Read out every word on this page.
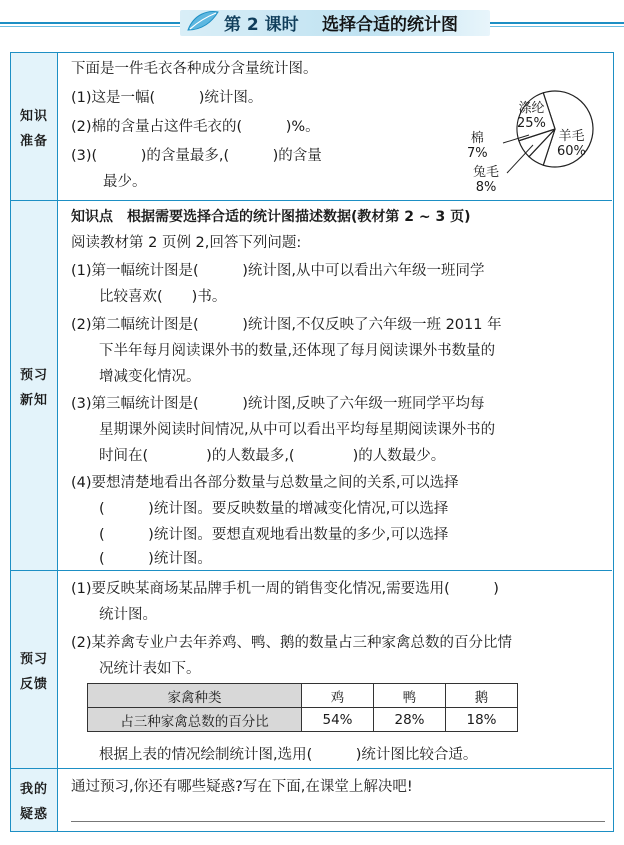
第 2 课时 选择合适的统计图
知识
准备
下面是一件毛衣各种成分含量统计图。
(1)这是一幅(　　　)统计图。
(2)棉的含量占这件毛衣的(　　　)%。
(3)(　　　)的含量最多,(　　　)的含量
最少。
涤纶
25%
羊毛
60%
棉
7%
兔毛
8%
预习
新知
知识点　根据需要选择合适的统计图描述数据(教材第 2 ~ 3 页)
阅读教材第 2 页例 2,回答下列问题:
(1)第一幅统计图是(　　　)统计图,从中可以看出六年级一班同学
比较喜欢(　　)书。
(2)第二幅统计图是(　　　)统计图,不仅反映了六年级一班 2011 年
下半年每月阅读课外书的数量,还体现了每月阅读课外书数量的
增减变化情况。
(3)第三幅统计图是(　　　)统计图,反映了六年级一班同学平均每
星期课外阅读时间情况,从中可以看出平均每星期阅读课外书的
时间在(　　　　)的人数最多,(　　　　)的人数最少。
(4)要想清楚地看出各部分数量与总数量之间的关系,可以选择
(　　　)统计图。要反映数量的增减变化情况,可以选择
(　　　)统计图。要想直观地看出数量的多少,可以选择
(　　　)统计图。
预习
反馈
(1)要反映某商场某品牌手机一周的销售变化情况,需要选用(　　　)
统计图。
(2)某养禽专业户去年养鸡、鸭、鹅的数量占三种家禽总数的百分比情
况统计表如下。
家禽种类	鸡	鸭	鹅
占三种家禽总数的百分比	54%	28%	18%
根据上表的情况绘制统计图,选用(　　　)统计图比较合适。
我的
疑惑
通过预习,你还有哪些疑惑?写在下面,在课堂上解决吧!
